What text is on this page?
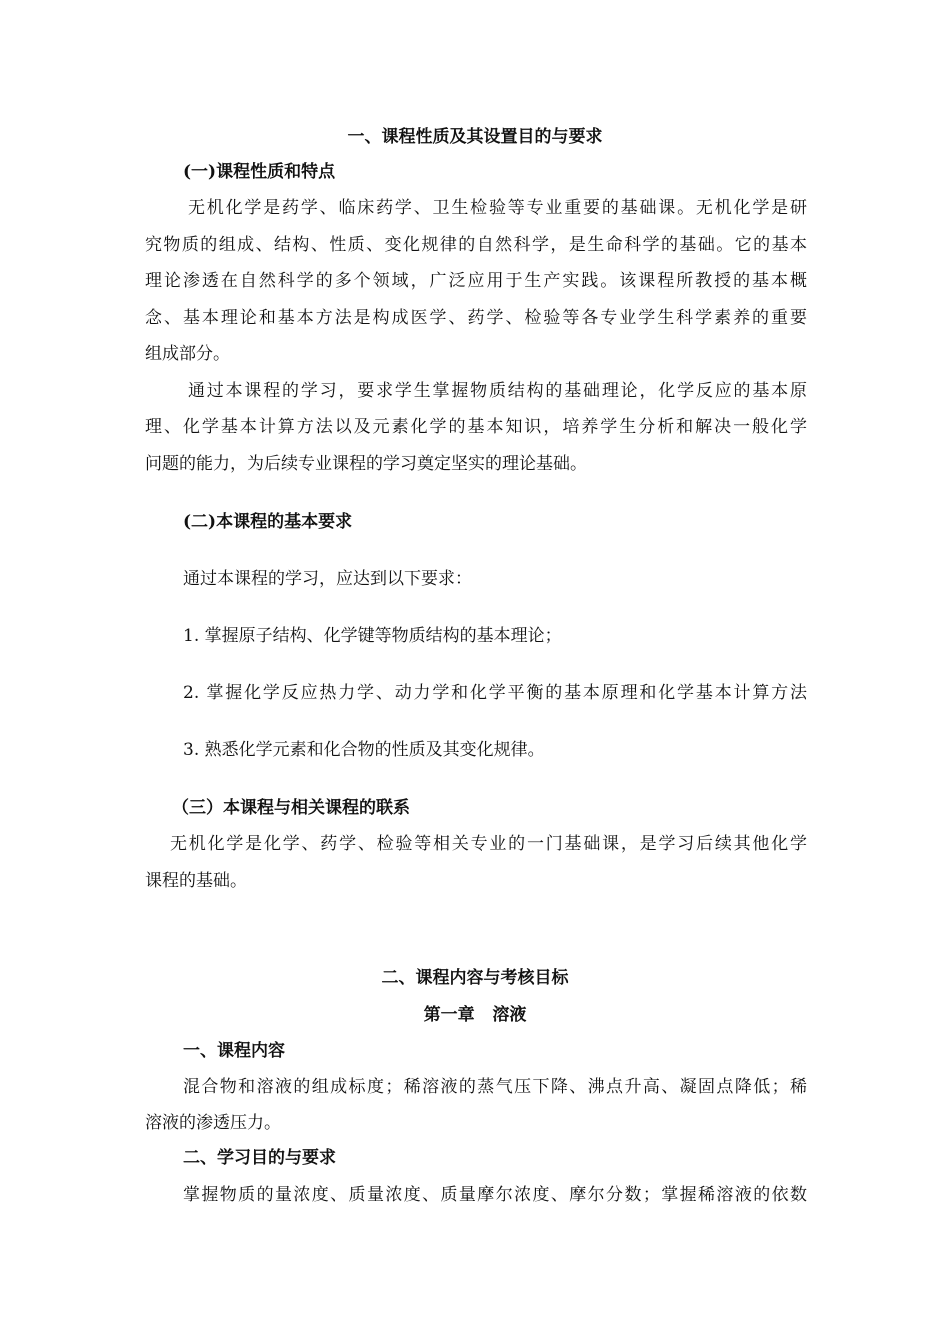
一、课程性质及其设置目的与要求
(一)课程性质和特点
无机化学是药学、临床药学、卫生检验等专业重要的基础课。无机化学是研
究物质的组成、结构、性质、变化规律的自然科学，是生命科学的基础。它的基本
理论渗透在自然科学的多个领域，广泛应用于生产实践。该课程所教授的基本概
念、基本理论和基本方法是构成医学、药学、检验等各专业学生科学素养的重要
组成部分。
通过本课程的学习，要求学生掌握物质结构的基础理论，化学反应的基本原
理、化学基本计算方法以及元素化学的基本知识，培养学生分析和解决一般化学
问题的能力，为后续专业课程的学习奠定坚实的理论基础。
(二)本课程的基本要求
通过本课程的学习，应达到以下要求：
1. 掌握原子结构、化学键等物质结构的基本理论；
2. 掌握化学反应热力学、动力学和化学平衡的基本原理和化学基本计算方法
3. 熟悉化学元素和化合物的性质及其变化规律。
（三）本课程与相关课程的联系
无机化学是化学、药学、检验等相关专业的一门基础课，是学习后续其他化学
课程的基础。
二、课程内容与考核目标
第一章   溶液
一、课程内容
混合物和溶液的组成标度；稀溶液的蒸气压下降、沸点升高、凝固点降低；稀
溶液的渗透压力。
二、学习目的与要求
掌握物质的量浓度、质量浓度、质量摩尔浓度、摩尔分数；掌握稀溶液的依数
